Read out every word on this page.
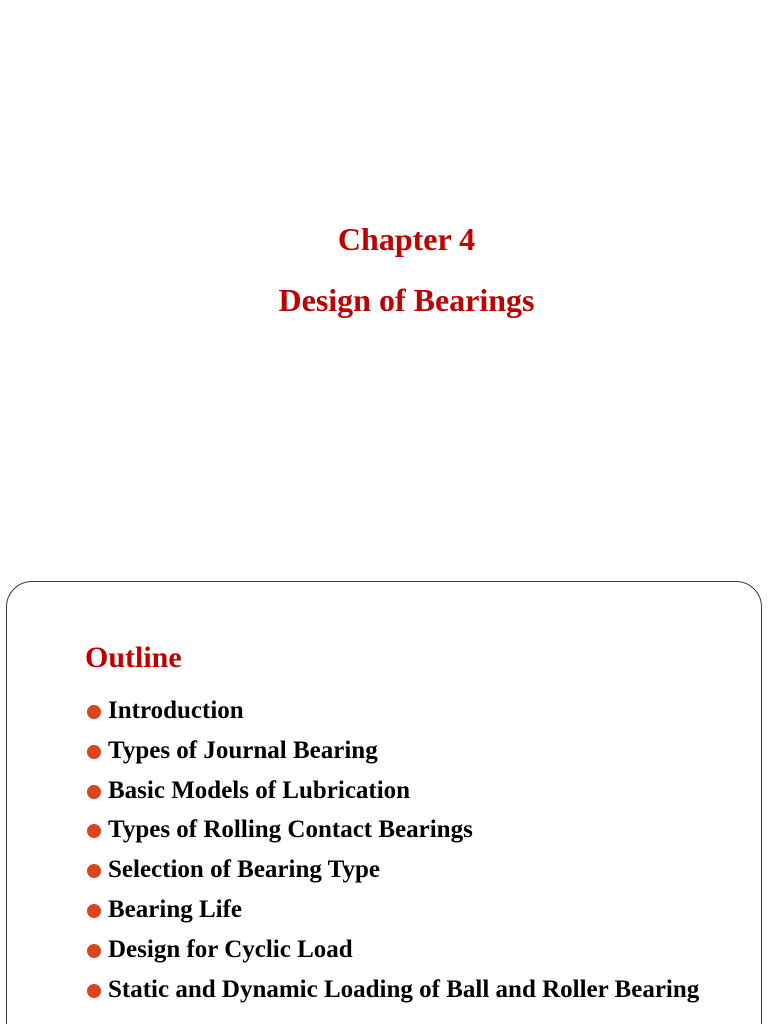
Chapter 4
Design of Bearings
Outline
Introduction
Types of Journal Bearing
Basic Models of Lubrication
Types of Rolling Contact Bearings
Selection of Bearing Type
Bearing Life
Design for Cyclic Load
Static and Dynamic Loading of Ball and Roller Bearing
